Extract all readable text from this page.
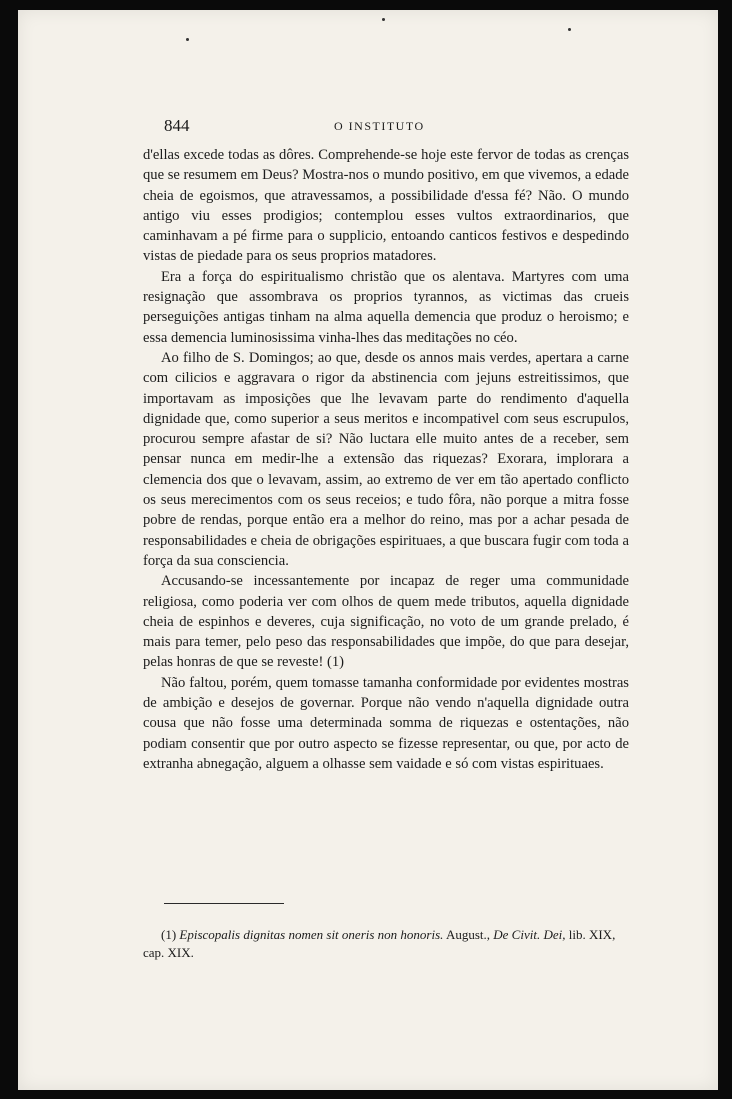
844	O INSTITUTO

d'ellas excede todas as dôres. Comprehende-se hoje este fervor de todas as crenças que se resumem em Deus? Mostra-nos o mundo positivo, em que vivemos, a edade cheia de egoismos, que atravessamos, a possibilidade d'essa fé? Não. O mundo antigo viu esses prodigios; contemplou esses vultos extraordinarios, que caminhavam a pé firme para o supplicio, entoando canticos festivos e despedindo vistas de piedade para os seus proprios matadores.

Era a força do espiritualismo christão que os alentava. Martyres com uma resignação que assombrava os proprios tyrannos, as victimas das crueis perseguições antigas tinham na alma aquella demencia que produz o heroismo; e essa demencia luminosissima vinha-lhes das meditações no céo.

Ao filho de S. Domingos; ao que, desde os annos mais verdes, apertara a carne com cilicios e aggravara o rigor da abstinencia com jejuns estreitissimos, que importavam as imposições que lhe levavam parte do rendimento d'aquella dignidade que, como superior a seus meritos e incompativel com seus escrupulos, procurou sempre afastar de si? Não luctara elle muito antes de a receber, sem pensar nunca em medir-lhe a extensão das riquezas? Exorara, implorara a clemencia dos que o levavam, assim, ao extremo de ver em tão apertado conflicto os seus merecimentos com os seus receios; e tudo fôra, não porque a mitra fosse pobre de rendas, porque então era a melhor do reino, mas por a achar pesada de responsabilidades e cheia de obrigações espirituaes, a que buscara fugir com toda a força da sua consciencia.

Accusando-se incessantemente por incapaz de reger uma communidade religiosa, como poderia ver com olhos de quem mede tributos, aquella dignidade cheia de espinhos e deveres, cuja significação, no voto de um grande prelado, é mais para temer, pelo peso das responsabilidades que impõe, do que para desejar, pelas honras de que se reveste! (1)

Não faltou, porém, quem tomasse tamanha conformidade por evidentes mostras de ambição e desejos de governar. Porque não vendo n'aquella dignidade outra cousa que não fosse uma determinada somma de riquezas e ostentações, não podiam consentir que por outro aspecto se fizesse representar, ou que, por acto de extranha abnegação, alguem a olhasse sem vaidade e só com vistas espirituaes.

(1) Episcopalis dignitas nomen sit oneris non honoris. August., De Civit. Dei, lib. XIX, cap. XIX.
